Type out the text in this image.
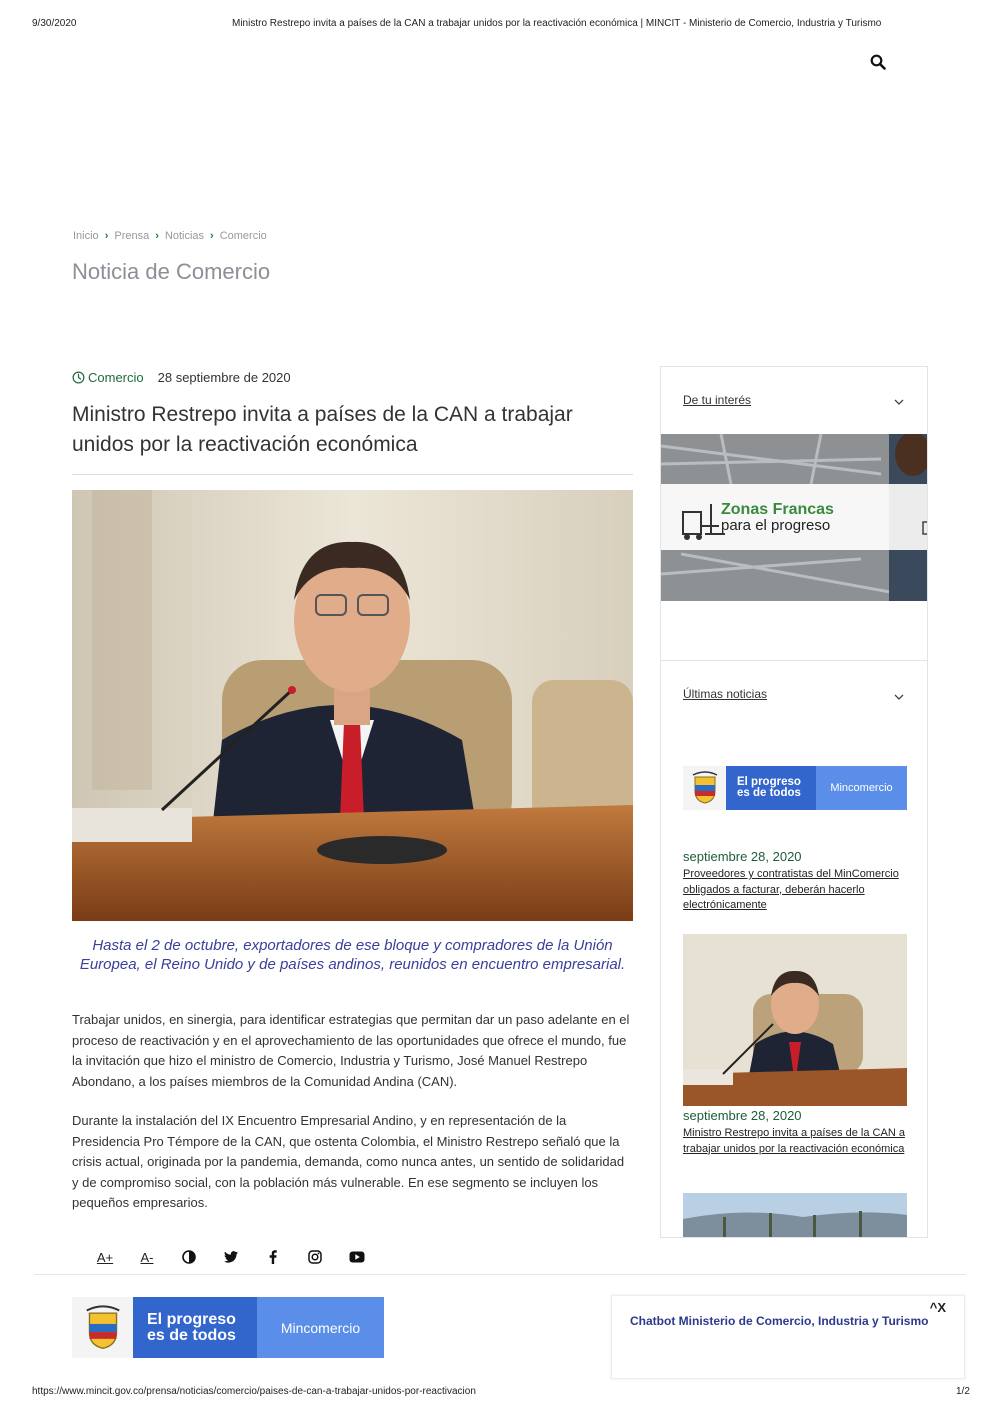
9/30/2020	Ministro Restrepo invita a países de la CAN a trabajar unidos por la reactivación económica | MINCIT - Ministerio de Comercio, Industria y Turismo
Inicio › Prensa › Noticias › Comercio
Noticia de Comercio
Comercio 28 septiembre de 2020
Ministro Restrepo invita a países de la CAN a trabajar unidos por la reactivación económica
Hasta el 2 de octubre, exportadores de ese bloque y compradores de la Unión Europea, el Reino Unido y de países andinos, reunidos en encuentro empresarial.

Trabajar unidos, en sinergia, para identificar estrategias que permitan dar un paso adelante en el proceso de reactivación y en el aprovechamiento de las oportunidades que ofrece el mundo, fue la invitación que hizo el ministro de Comercio, Industria y Turismo, José Manuel Restrepo Abondano, a los países miembros de la Comunidad Andina (CAN).

Durante la instalación del IX Encuentro Empresarial Andino, y en representación de la Presidencia Pro Témpore de la CAN, que ostenta Colombia, el Ministro Restrepo señaló que la crisis actual, originada por la pandemia, demanda, como nunca antes, un sentido de solidaridad y de compromiso social, con la población más vulnerable. En ese segmento se incluyen los pequeños empresarios.

A+ A-
De tu interés
Zonas Francas
para el progreso
Últimas noticias
El progreso
es de todos	Mincomercio
septiembre 28, 2020
Proveedores y contratistas del MinComercio obligados a facturar, deberán hacerlo electrónicamente
septiembre 28, 2020
Ministro Restrepo invita a países de la CAN a trabajar unidos por la reactivación económica
El progreso
es de todos	Mincomercio
^X
Chatbot Ministerio de Comercio, Industria y Turismo
https://www.mincit.gov.co/prensa/noticias/comercio/paises-de-can-a-trabajar-unidos-por-reactivacion	1/2
